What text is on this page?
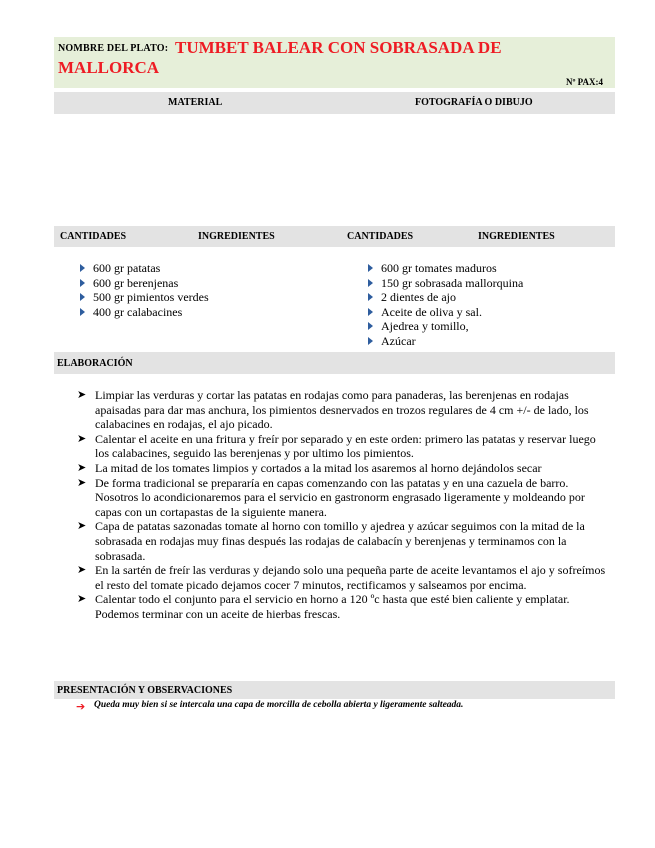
NOMBRE DEL PLATO: TUMBET BALEAR CON SOBRASADA DE MALLORCA
Nº PAX:4
MATERIAL	FOTOGRAFÍA O DIBUJO
CANTIDADES	INGREDIENTES	CANTIDADES	INGREDIENTES
600 gr patatas
600 gr berenjenas
500 gr pimientos verdes
400 gr calabacines
600 gr tomates maduros
150 gr sobrasada mallorquina
2 dientes de ajo
Aceite de oliva y sal.
Ajedrea y tomillo,
Azúcar
ELABORACIÓN
➤ Limpiar las verduras y cortar las patatas en rodajas como para panaderas, las berenjenas en rodajas apaisadas para dar mas anchura, los pimientos desnervados en trozos regulares de 4 cm +/- de lado, los calabacines en rodajas, el ajo picado.
➤ Calentar el aceite en una fritura y freír por separado y en este orden: primero las patatas y reservar luego los calabacines, seguido las berenjenas y por ultimo los pimientos.
➤ La mitad de los tomates limpios y cortados a la mitad los asaremos al horno dejándolos secar
➤ De forma tradicional se prepararía en capas comenzando con las patatas y en una cazuela de barro. Nosotros lo acondicionaremos para el servicio en gastronorm engrasado ligeramente y moldeando por capas con un cortapastas de la siguiente manera.
➤ Capa de patatas sazonadas tomate al horno con tomillo y ajedrea y azúcar seguimos con la mitad de la sobrasada en rodajas muy finas después las rodajas de calabacín y berenjenas y terminamos con la sobrasada.
➤ En la sartén de freír las verduras y dejando solo una pequeña parte de aceite levantamos el ajo y sofreímos el resto del tomate picado dejamos cocer 7 minutos, rectificamos y salseamos por encima.
➤ Calentar todo el conjunto para el servicio en horno a 120 ºc hasta que esté bien caliente y emplatar. Podemos terminar con un aceite de hierbas frescas.
PRESENTACIÓN Y OBSERVACIONES
➔ Queda muy bien si se intercala una capa de morcilla de cebolla abierta y ligeramente salteada.
